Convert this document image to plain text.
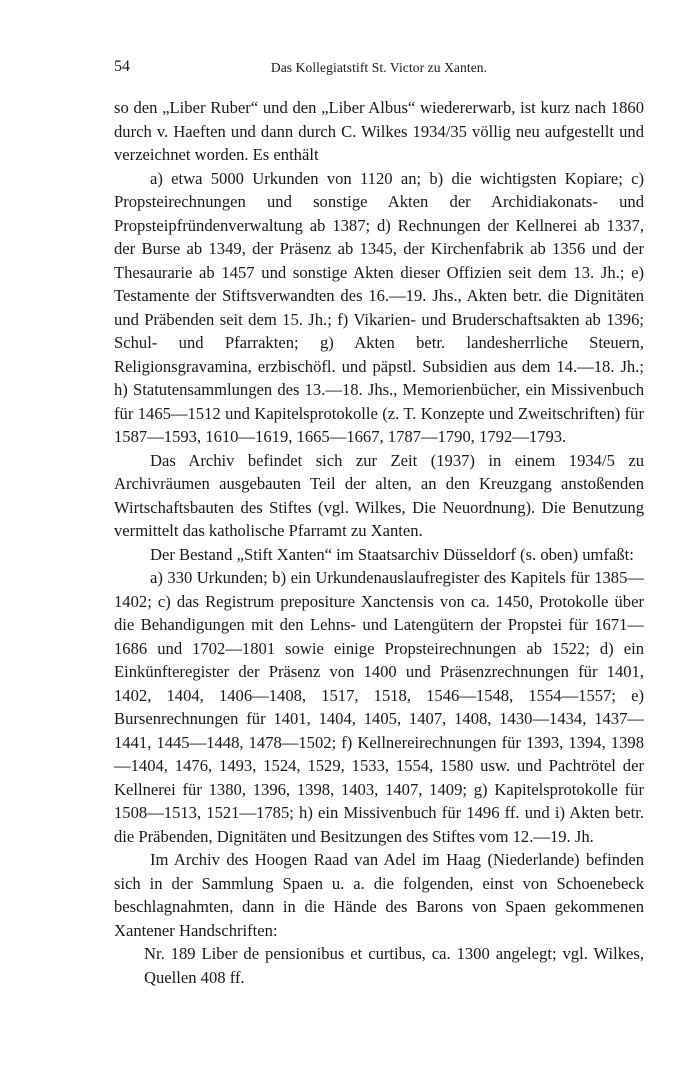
54	Das Kollegiatstift St. Victor zu Xanten.

so den „Liber Ruber“ und den „Liber Albus“ wiedererwarb, ist kurz nach 1860 durch v. Haeften und dann durch C. Wilkes 1934/35 völlig neu aufgestellt und verzeichnet worden. Es enthält

a) etwa 5000 Urkunden von 1120 an; b) die wichtigsten Kopiare; c) Propsteirechnungen und sonstige Akten der Archidiakonats- und Propsteipfründenverwaltung ab 1387; d) Rechnungen der Kellnerei ab 1337, der Burse ab 1349, der Präsenz ab 1345, der Kirchenfabrik ab 1356 und der Thesaurarie ab 1457 und sonstige Akten dieser Offizien seit dem 13. Jh.; e) Testamente der Stiftsverwandten des 16.—19. Jhs., Akten betr. die Dignitäten und Präbenden seit dem 15. Jh.; f) Vikarien- und Bruderschaftsakten ab 1396; Schul- und Pfarrakten; g) Akten betr. landesherrliche Steuern, Religionsgravamina, erzbischöfl. und päpstl. Subsidien aus dem 14.—18. Jh.; h) Statutensammlungen des 13.—18. Jhs., Memorienbücher, ein Missivenbuch für 1465—1512 und Kapitelsprotokolle (z. T. Konzepte und Zweitschriften) für 1587—1593, 1610—1619, 1665—1667, 1787—1790, 1792—1793.

Das Archiv befindet sich zur Zeit (1937) in einem 1934/5 zu Archivräumen ausgebauten Teil der alten, an den Kreuzgang anstoßenden Wirtschaftsbauten des Stiftes (vgl. Wilkes, Die Neuordnung). Die Benutzung vermittelt das katholische Pfarramt zu Xanten.

Der Bestand „Stift Xanten“ im Staatsarchiv Düsseldorf (s. oben) umfaßt:

a) 330 Urkunden; b) ein Urkundenauslaufregister des Kapitels für 1385—1402; c) das Registrum prepositure Xanctensis von ca. 1450, Protokolle über die Behandigungen mit den Lehns- und Latengütern der Propstei für 1671—1686 und 1702—1801 sowie einige Propsteirechnungen ab 1522; d) ein Einkünfteregister der Präsenz von 1400 und Präsenzrechnungen für 1401, 1402, 1404, 1406—1408, 1517, 1518, 1546—1548, 1554—1557; e) Bursenrechnungen für 1401, 1404, 1405, 1407, 1408, 1430—1434, 1437—1441, 1445—1448, 1478—1502; f) Kellnereirechnungen für 1393, 1394, 1398—1404, 1476, 1493, 1524, 1529, 1533, 1554, 1580 usw. und Pachtrötel der Kellnerei für 1380, 1396, 1398, 1403, 1407, 1409; g) Kapitelsprotokolle für 1508—1513, 1521—1785; h) ein Missivenbuch für 1496 ff. und i) Akten betr. die Präbenden, Dignitäten und Besitzungen des Stiftes vom 12.—19. Jh.

Im Archiv des Hoogen Raad van Adel im Haag (Niederlande) befinden sich in der Sammlung Spaen u. a. die folgenden, einst von Schoenebeck beschlagnahmten, dann in die Hände des Barons von Spaen gekommenen Xantener Handschriften:

Nr. 189 Liber de pensionibus et curtibus, ca. 1300 angelegt; vgl. Wilkes, Quellen 408 ff.
